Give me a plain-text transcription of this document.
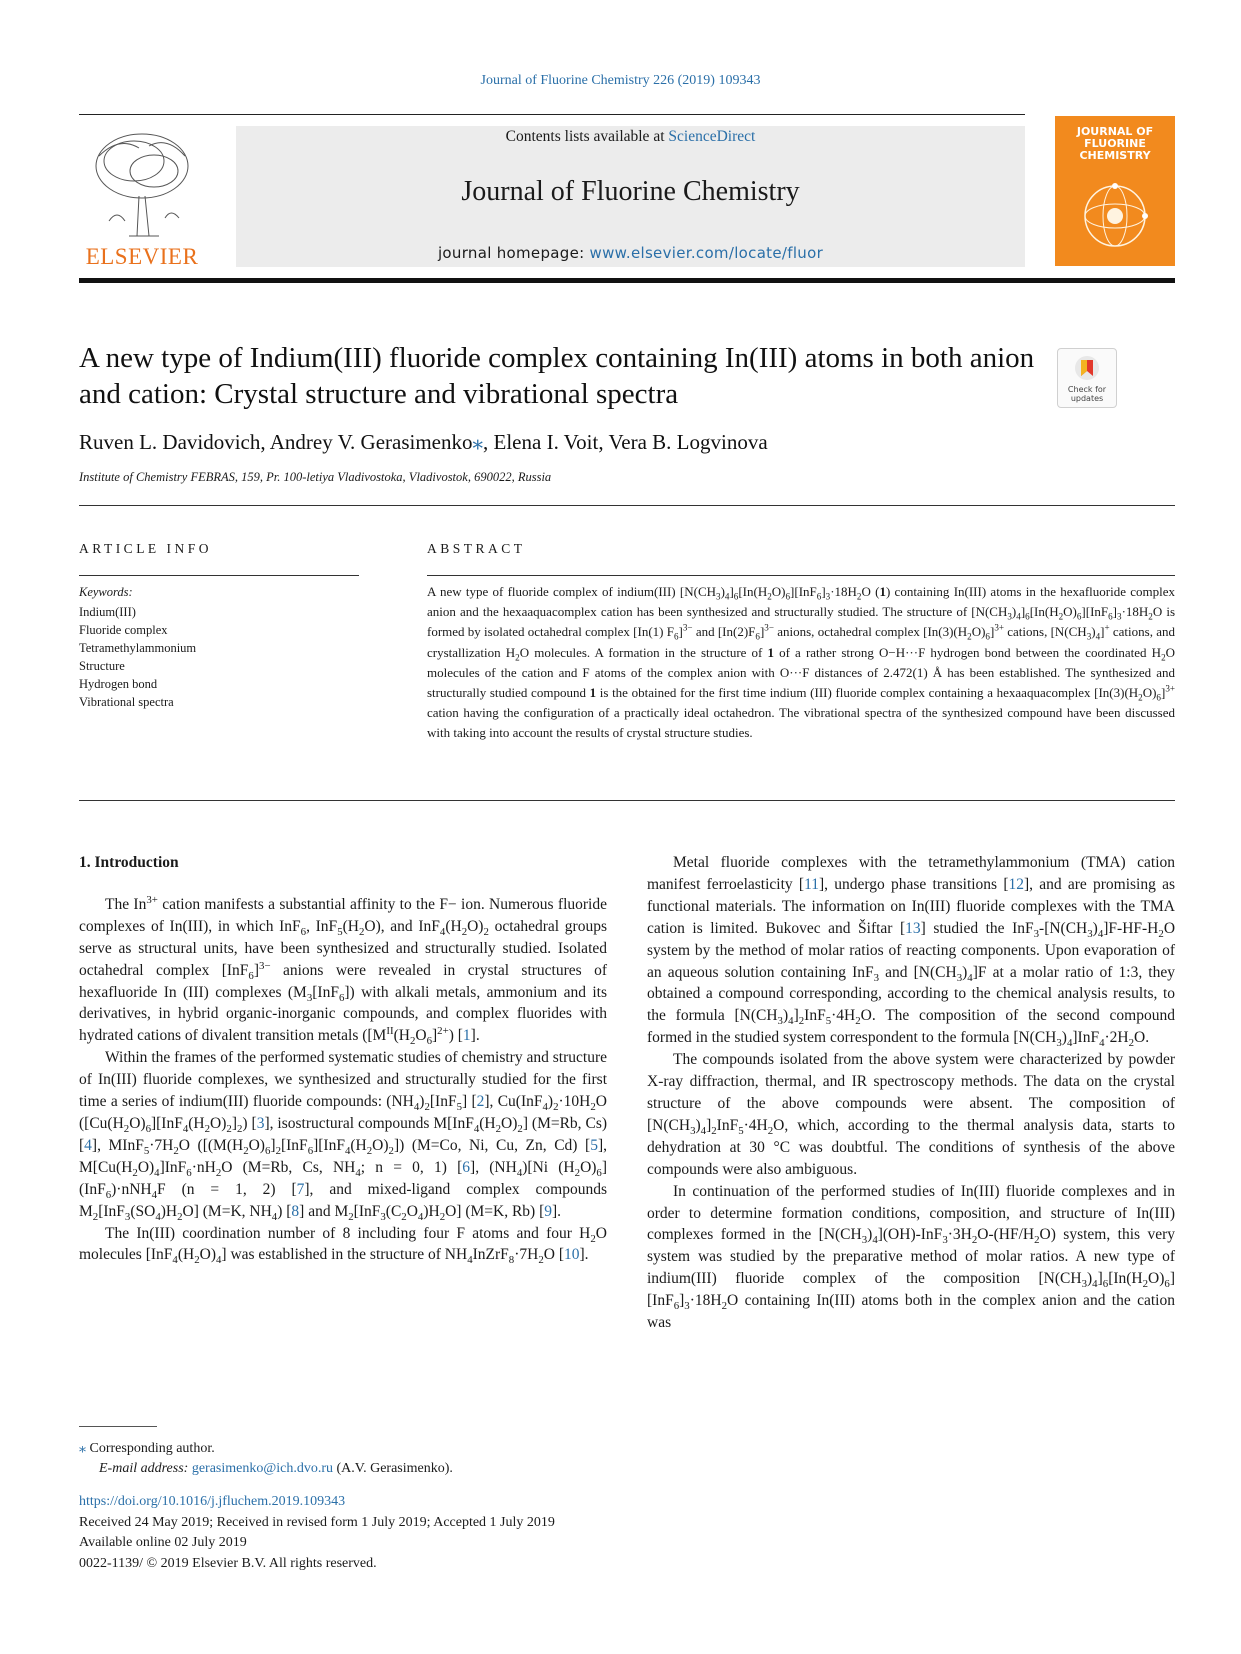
Journal of Fluorine Chemistry 226 (2019) 109343
ELSEVIER
Contents lists available at ScienceDirect
Journal of Fluorine Chemistry
journal homepage: www.elsevier.com/locate/fluor
JOURNAL OF
FLUORINE
CHEMISTRY
A new type of Indium(III) fluoride complex containing In(III) atoms in both anion and cation: Crystal structure and vibrational spectra	Check for
updates
Ruven L. Davidovich, Andrey V. Gerasimenko⁎, Elena I. Voit, Vera B. Logvinova
Institute of Chemistry FEBRAS, 159, Pr. 100-letiya Vladivostoka, Vladivostok, 690022, Russia
ARTICLE INFO
Keywords:
Indium(III)
Fluoride complex
Tetramethylammonium
Structure
Hydrogen bond
Vibrational spectra
ABSTRACT

A new type of fluoride complex of indium(III) $[N(CH_3)_4]_6[In(H_2O)_6][InF_6]_3\cdot 18H_2O$ (1) containing In(III) atoms in the hexafluoride complex anion and the hexaaquacomplex cation has been synthesized and structurally studied. The structure of $[N(CH_3)_4]_6[In(H_2O)_6][InF_6]_3\cdot 18H_2O$ is formed by isolated octahedral complex [In(1) $F_6]^{3-}$ and $[In(2)F_6]^{3-}$ anions, octahedral complex $[In(3)(H_2O)_6]^{3+}$ cations, $[N(CH_3)_4]^+$ cations, and crystallization $H_2O$ molecules. A formation in the structure of 1 of a rather strong O−H···F hydrogen bond between the coordinated $H_2O$ molecules of the cation and F atoms of the complex anion with O···F distances of 2.472(1) Å has been established. The synthesized and structurally studied compound 1 is the obtained for the first time indium (III) fluoride complex containing a hexaaquacomplex $[In(3)(H_2O)_6]^{3+}$ cation having the configuration of a practically ideal octahedron. The vibrational spectra of the synthesized compound have been discussed with taking into account the results of crystal structure studies.

1. Introduction

The $In^{3+}$ cation manifests a substantial affinity to the F− ion. Numerous fluoride complexes of In(III), in which InF$_6$, $InF_5(H_2O)$, and $InF_4(H_2O)_2$ octahedral groups serve as structural units, have been synthesized and structurally studied. Isolated octahedral complex $[InF_6]^{3-}$ anions were revealed in crystal structures of hexafluoride In (III) complexes $(M_3[InF_6])$ with alkali metals, ammonium and its derivatives, in hybrid organic-inorganic compounds, and complex fluorides with hydrated cations of divalent transition metals ($[M^{II}(H_2O_6]^{2+})$ [1].

Within the frames of the performed systematic studies of chemistry and structure of In(III) fluoride complexes, we synthesized and structurally studied for the first time a series of indium(III) fluoride compounds: $(NH_4)_2[InF_5]$ [2], $Cu(InF_4)_2\cdot 10H_2O$ $([Cu(H_2O)_6][InF_4(H_2O)_2]_2)$ [3], isostructural compounds $M[InF_4(H_2O)_2]$ (M=Rb, Cs) [4], $MInF_5\cdot 7H_2O$ ($[(M(H_2O)_6]_2[InF_6][InF_4(H_2O)_2])$ (M=Co, Ni, Cu, Zn, Cd) [5], $M[Cu(H_2O)_4]InF_6\cdot nH_2O$ (M=Rb, Cs, $NH_4$; n = 0, 1) [6], $(NH_4)[Ni$ $(H_2O)_6](InF_6)\cdot nNH_4F$ (n = 1, 2) [7], and mixed-ligand complex compounds $M_2[InF_3(SO_4)H_2O]$ (M=K, $NH_4$) [8] and $M_2[InF_3(C_2O_4)H_2O]$ (M=K, Rb) [9].

The In(III) coordination number of 8 including four F atoms and four $H_2O$ molecules $[InF_4(H_2O)_4]$ was established in the structure of $NH_4InZrF_8\cdot 7H_2O$ [10].

Metal fluoride complexes with the tetramethylammonium (TMA) cation manifest ferroelasticity [11], undergo phase transitions [12], and are promising as functional materials. The information on In(III) fluoride complexes with the TMA cation is limited. Bukovec and Šiftar [13] studied the $InF_3-[N(CH_3)_4]F-HF-H_2O$ system by the method of molar ratios of reacting components. Upon evaporation of an aqueous solution containing InF$_3$ and $[N(CH_3)_4]F$ at a molar ratio of 1:3, they obtained a compound corresponding, according to the chemical analysis results, to the formula $[N(CH_3)_4]_2InF_5\cdot 4H_2O$. The composition of the second compound formed in the studied system correspondent to the formula $[N(CH_3)_4]InF_4\cdot 2H_2O$.

The compounds isolated from the above system were characterized by powder X-ray diffraction, thermal, and IR spectroscopy methods. The data on the crystal structure of the above compounds were absent. The composition of $[N(CH_3)_4]_2InF_5\cdot 4H_2O$, which, according to the thermal analysis data, starts to dehydration at 30 °C was doubtful. The conditions of synthesis of the above compounds were also ambiguous.

In continuation of the performed studies of In(III) fluoride complexes and in order to determine formation conditions, composition, and structure of In(III) complexes formed in the $[N(CH_3)_4](OH)-InF_3\cdot 3H_2O-(HF/H_2O)$ system, this very system was studied by the preparative method of molar ratios. A new type of indium(III) fluoride complex of the composition $[N(CH_3)_4]_6[In(H_2O)_6][InF_6]_3\cdot 18H_2O$ containing In(III) atoms both in the complex anion and the cation was

⁎ Corresponding author.
E-mail address: gerasimenko@ich.dvo.ru (A.V. Gerasimenko).
https://doi.org/10.1016/j.jfluchem.2019.109343
Received 24 May 2019; Received in revised form 1 July 2019; Accepted 1 July 2019
Available online 02 July 2019
0022-1139/ © 2019 Elsevier B.V. All rights reserved.
